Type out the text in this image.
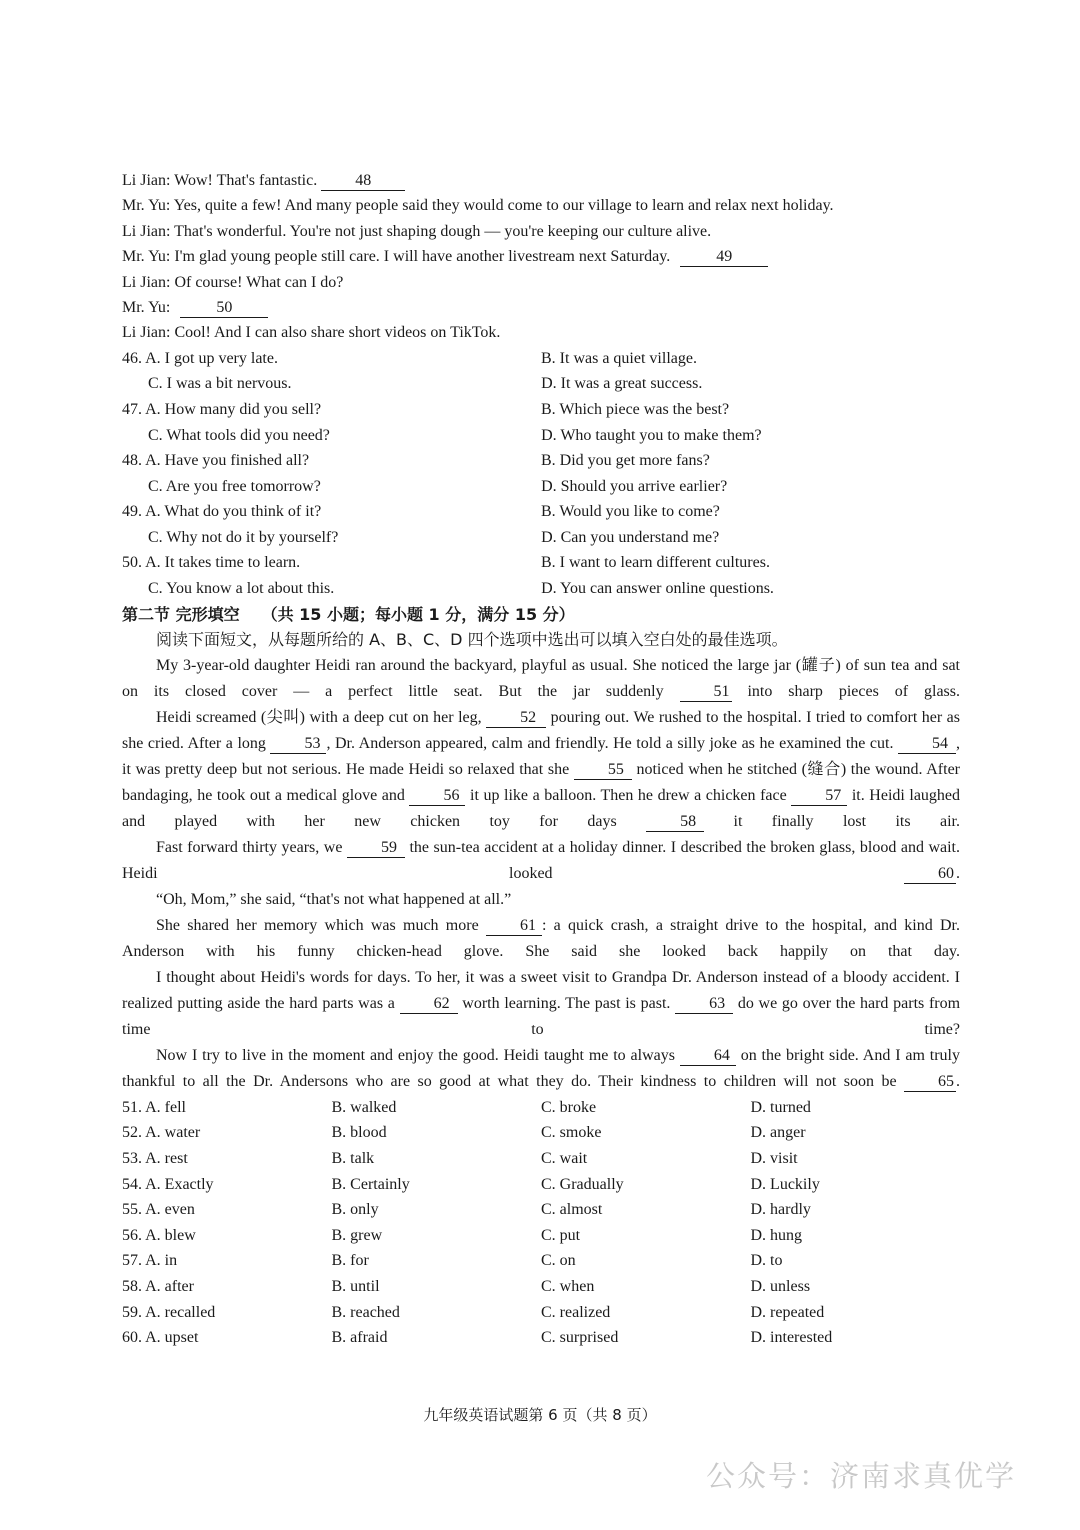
Li Jian: Wow! That's fantastic. 48
Mr. Yu: Yes, quite a few! And many people said they would come to our village to learn and relax next holiday.
Li Jian: That's wonderful. You're not just shaping dough — you're keeping our culture alive.
Mr. Yu: I'm glad young people still care. I will have another livestream next Saturday.	49
Li Jian: Of course! What can I do?
Mr. Yu:	50
Li Jian: Cool! And I can also share short videos on TikTok.
46. A. I got up very late.	B. It was a quiet village.
C. I was a bit nervous.	D. It was a great success.
47. A. How many did you sell?	B. Which piece was the best?
C. What tools did you need?	D. Who taught you to make them?
48. A. Have you finished all?	B. Did you get more fans?
C. Are you free tomorrow?	D. Should you arrive earlier?
49. A. What do you think of it?	B. Would you like to come?
C. Why not do it by yourself?	D. Can you understand me?
50. A. It takes time to learn.	B. I want to learn different cultures.
C. You know a lot about this.	D. You can answer online questions.
第二节 完形填空 （共 15 小题；每小题 1 分，满分 15 分）
阅读下面短文，从每题所给的 A、B、C、D 四个选项中选出可以填入空白处的最佳选项。

My 3-year-old daughter Heidi ran around the backyard, playful as usual. She noticed the large jar (罐子) of sun tea and sat on its closed cover — a perfect little seat. But the jar suddenly	51 into sharp pieces of glass.

Heidi screamed (尖叫) with a deep cut on her leg, 52 pouring out. We rushed to the hospital. I tried to comfort her as she cried. After a long 53 , Dr. Anderson appeared, calm and friendly. He told a silly joke as he examined the cut. 54 , it was pretty deep but not serious. He made Heidi so relaxed that she 55 noticed when he stitched (缝合) the wound. After bandaging, he took out a medical glove and 56 it up like a balloon. Then he drew a chicken face 57 it. Heidi laughed and played with her new chicken toy for days	58 it finally lost its air.

Fast forward thirty years, we 59 the sun-tea accident at a holiday dinner. I described the broken glass, blood and wait. Heidi looked	60 .

“Oh, Mom,” she said, “that's not what happened at all.”

She shared her memory which was much more	61 : a quick crash, a straight drive to the hospital, and kind Dr. Anderson with his funny chicken-head glove. She said she looked back happily on that day.

I thought about Heidi's words for days. To her, it was a sweet visit to Grandpa Dr. Anderson instead of a bloody accident. I realized putting aside the hard parts was a 62 worth learning. The past is past. 63 do we go over the hard parts from time to time?

Now I try to live in the moment and enjoy the good. Heidi taught me to always 64 on the bright side. And I am truly thankful to all the Dr. Andersons who are so good at what they do. Their kindness to children will not soon be	65 .

51. A. fell	B. walked	C. broke	D. turned
52. A. water	B. blood	C. smoke	D. anger
53. A. rest	B. talk	C. wait	D. visit
54. A. Exactly	B. Certainly	C. Gradually	D. Luckily
55. A. even	B. only	C. almost	D. hardly
56. A. blew	B. grew	C. put	D. hung
57. A. in	B. for	C. on	D. to
58. A. after	B. until	C. when	D. unless
59. A. recalled	B. reached	C. realized	D. repeated
60. A. upset	B. afraid	C. surprised	D. interested
九年级英语试题第 6 页（共 8 页）
公众号：济南求真优学
